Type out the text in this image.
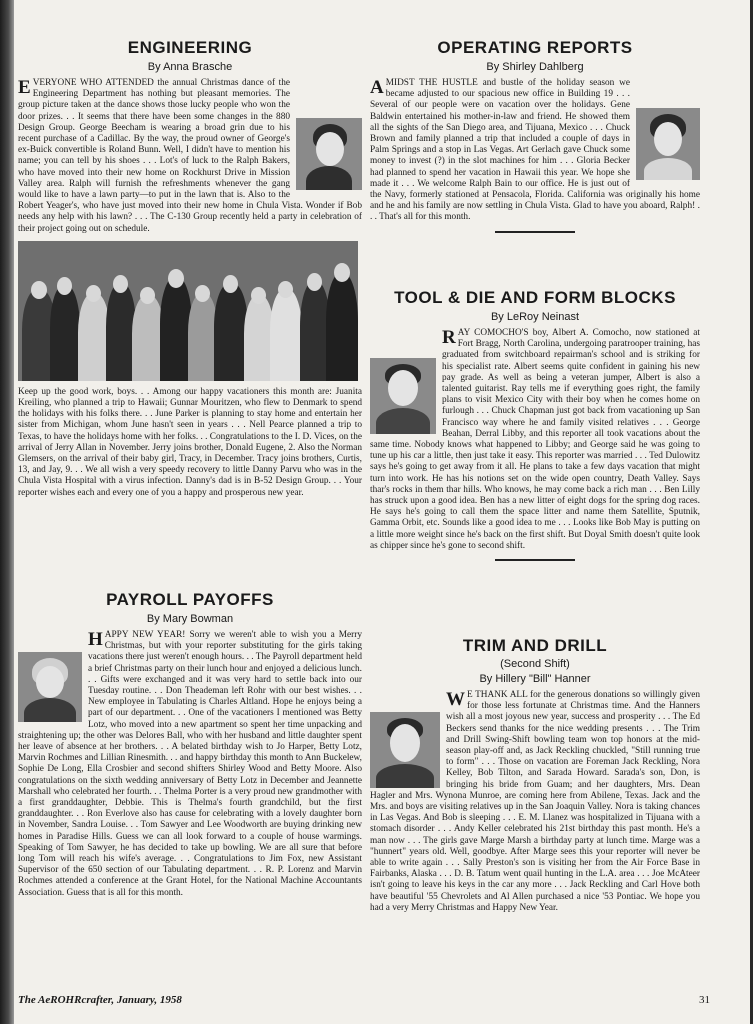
ENGINEERING
By Anna Brasche
EVERYONE WHO ATTENDED the annual Christmas dance of the Engineering Department has nothing but pleasant memories. The group picture taken at the dance shows those lucky people who won the door prizes. . . It seems that there have been some changes in the 880 Design Group. George Beecham is wearing a broad grin due to his recent purchase of a Cadillac. By the way, the proud owner of George's ex-Buick convertible is Roland Bunn. Well, I didn't have to mention his name; you can tell by his shoes . . . Lot's of luck to the Ralph Bakers, who have moved into their new home on Rockhurst Drive in Mission Valley area. Ralph will furnish the refreshments whenever the gang would like to have a lawn party—to put in the lawn that is. Also to the Robert Yeager's, who have just moved into their new home in Chula Vista. Wonder if Bob needs any help with his lawn? . . . The C-130 Group recently held a party in celebration of their project going out on schedule.
Keep up the good work, boys. . . Among our happy vacationers this month are: Juanita Kreiling, who planned a trip to Hawaii; Gunnar Mouritzen, who flew to Denmark to spend the holidays with his folks there. . . June Parker is planning to stay home and entertain her sister from Michigan, whom June hasn't seen in years . . . Nell Pearce planned a trip to Texas, to have the holidays home with her folks. . . Congratulations to the I. D. Vices, on the arrival of Jerry Allan in November. Jerry joins brother, Donald Eugene, 2. Also the Norman Glemsers, on the arrival of their baby girl, Tracy, in December. Tracy joins brothers, Curtis, 13, and Jay, 9. . . We all wish a very speedy recovery to little Danny Parvu who was in the Chula Vista Hospital with a virus infection. Danny's dad is in B-52 Design Group. . . Your reporter wishes each and every one of you a happy and prosperous new year.
PAYROLL PAYOFFS
By Mary Bowman
HAPPY NEW YEAR! Sorry we weren't able to wish you a Merry Christmas, but with your reporter substituting for the girls taking vacations there just weren't enough hours. . . The Payroll department held a brief Christmas party on their lunch hour and enjoyed a delicious lunch. . . Gifts were exchanged and it was very hard to settle back into our Tuesday routine. . . Don Theademan left Rohr with our best wishes. . . New employee in Tabulating is Charles Altland. Hope he enjoys being a part of our department. . . One of the vacationers I mentioned was Betty Lotz, who moved into a new apartment so spent her time unpacking and straightening up; the other was Delores Ball, who with her husband and little daughter spent her leave of absence at her brothers. . . A belated birthday wish to Jo Harper, Betty Lotz, Marvin Rochmes and Lillian Rinesmith. . . and happy birthday this month to Ann Buckelew, Sophie De Long, Ella Crosbier and second shifters Shirley Wood and Betty Moore. Also congratulations on the sixth wedding anniversary of Betty Lotz in December and Jeannette Marshall who celebrated her fourth. . . Thelma Porter is a very proud new grandmother with a first granddaughter, Debbie. This is Thelma's fourth grandchild, but the first granddaughter. . . Ron Everlove also has cause for celebrating with a lovely daughter born in November, Sandra Louise. . . Tom Sawyer and Lee Woodworth are buying drinking new homes in Paradise Hills. Guess we can all look forward to a couple of house warmings. Speaking of Tom Sawyer, he has decided to take up bowling. We are all sure that before long Tom will reach his wife's average. . . Congratulations to Jim Fox, new Assistant Supervisor of the 650 section of our Tabulating department. . . R. P. Lorenz and Marvin Rochmes attended a conference at the Grant Hotel, for the National Machine Accountants Association. Guess that is all for this month.
OPERATING REPORTS
By Shirley Dahlberg
AMIDST THE HUSTLE and bustle of the holiday season we became adjusted to our spacious new office in Building 19 . . . Several of our people were on vacation over the holidays. Gene Baldwin entertained his mother-in-law and friend. He showed them all the sights of the San Diego area, and Tijuana, Mexico . . . Chuck Brown and family planned a trip that included a couple of days in Palm Springs and a stop in Las Vegas. Art Gerlach gave Chuck some money to invest (?) in the slot machines for him . . . Gloria Becker had planned to spend her vacation in Hawaii this year. We hope she made it . . . We welcome Ralph Bain to our office. He is just out of the Navy, formerly stationed at Pensacola, Florida. California was originally his home and he and his family are now settling in Chula Vista. Glad to have you aboard, Ralph! . . . That's all for this month.
TOOL & DIE AND FORM BLOCKS
By LeRoy Neinast
RAY COMOCHO'S boy, Albert A. Comocho, now stationed at Fort Bragg, North Carolina, undergoing paratrooper training, has graduated from switchboard repairman's school and is striking for his specialist rate. Albert seems quite confident in gaining his new pay grade. As well as being a veteran jumper, Albert is also a talented guitarist. Ray tells me if everything goes right, the family plans to visit Mexico City with their boy when he comes home on furlough . . . Chuck Chapman just got back from vacationing up San Francisco way where he and family visited relatives . . . George Beahan, Derral Libby, and this reporter all took vacations about the same time. Nobody knows what happened to Libby; and George said he was going to tune up his car a little, then just take it easy. This reporter was married . . . Ted Dulowitz says he's going to get away from it all. He plans to take a few days vacation that might turn into work. He has his notions set on the wide open country, Death Valley. Says thar's rocks in them thar hills. Who knows, he may come back a rich man . . . Ben Lilly has struck upon a good idea. Ben has a new litter of eight dogs for the spring dog races. He says he's going to call them the space litter and name them Satellite, Sputnik, Gamma Orbit, etc. Sounds like a good idea to me . . . Looks like Bob May is putting on a little more weight since he's back on the first shift. But Doyal Smith doesn't quite look as chipper since he's gone to second shift.
TRIM AND DRILL
(Second Shift)
By Hillery "Bill" Hanner
W E THANK ALL for the generous donations so willingly given for those less fortunate at Christmas time. And the Hanners wish all a most joyous new year, success and prosperity . . . The Ed Beckers send thanks for the nice wedding presents . . . The Trim and Drill Swing-Shift bowling team won top honors at the mid-season play-off and, as Jack Reckling chuckled, "Still running true to form" . . . Those on vacation are Foreman Jack Reckling, Nora Kelley, Bob Tilton, and Sarada Howard. Sarada's son, Don, is bringing his bride from Guam; and her daughters, Mrs. Dean Hagler and Mrs. Wynona Munroe, are coming here from Abilene, Texas. Jack and the Mrs. and boys are visiting relatives up in the San Joaquin Valley. Nora is taking chances in Las Vegas. And Bob is sleeping . . . E. M. Llanez was hospitalized in Tijuana with a stomach disorder . . . Andy Keller celebrated his 21st birthday this past month. He's a man now . . . The girls gave Marge Marsh a birthday party at lunch time. Marge was a "hunnert" years old. Well, goodbye. After Marge sees this your reporter will never be able to write again . . . Sally Preston's son is visiting her from the Air Force Base in Fairbanks, Alaska . . . D. B. Tatum went quail hunting in the L.A. area . . . Joe McAteer isn't going to leave his keys in the car any more . . . Jack Reckling and Carl Hove both have beautiful '55 Chevrolets and Al Allen purchased a nice '53 Pontiac. We hope you had a very Merry Christmas and Happy New Year.
The AeROHRcrafter, January, 1958	31
